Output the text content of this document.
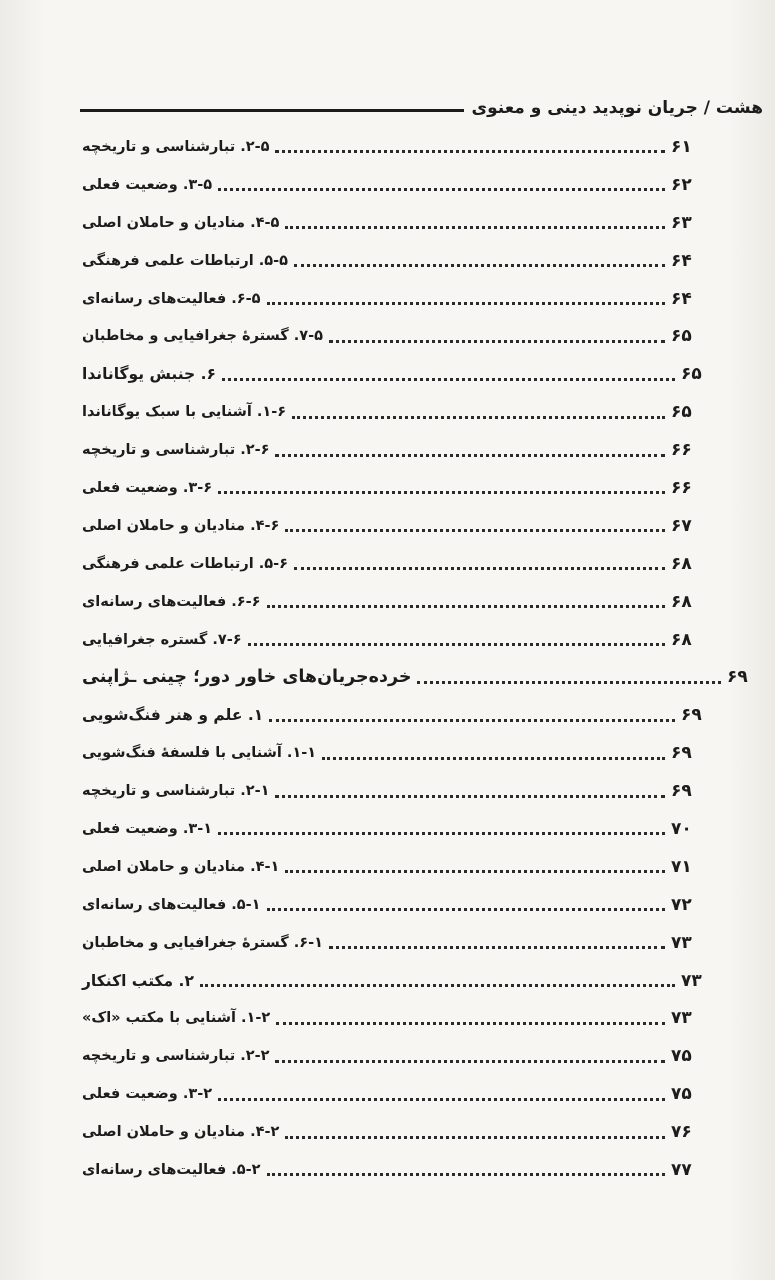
هشت / جریان نوپدید دینی و معنوی
۲-۵. تبارشناسی و تاریخچه	۶۱
۳-۵. وضعیت فعلی	۶۲
۴-۵. منادیان و حاملان اصلی	۶۳
۵-۵. ارتباطات علمی فرهنگی	۶۴
۶-۵. فعالیت‌های رسانه‌ای	۶۴
۷-۵. گسترهٔ جغرافیایی و مخاطبان	۶۵
۶. جنبش یوگاناندا	۶۵
۱-۶. آشنایی با سبک یوگاناندا	۶۵
۲-۶. تبارشناسی و تاریخچه	۶۶
۳-۶. وضعیت فعلی	۶۶
۴-۶. منادیان و حاملان اصلی	۶۷
۵-۶. ارتباطات علمی فرهنگی	۶۸
۶-۶. فعالیت‌های رسانه‌ای	۶۸
۷-۶. گستره جغرافیایی	۶۸
خرده‌جریان‌های خاور دور؛ چینی ـژاپنی	۶۹
۱. علم و هنر فنگ‌شویی	۶۹
۱-۱. آشنایی با فلسفهٔ فنگ‌شویی	۶۹
۲-۱. تبارشناسی و تاریخچه	۶۹
۳-۱. وضعیت فعلی	۷۰
۴-۱. منادیان و حاملان اصلی	۷۱
۵-۱. فعالیت‌های رسانه‌ای	۷۲
۶-۱. گسترهٔ جغرافیایی و مخاطبان	۷۳
۲. مکتب اکنکار	۷۳
۱-۲. آشنایی با مکتب «اک»	۷۳
۲-۲. تبارشناسی و تاریخچه	۷۵
۳-۲. وضعیت فعلی	۷۵
۴-۲. منادیان و حاملان اصلی	۷۶
۵-۲. فعالیت‌های رسانه‌ای	۷۷
